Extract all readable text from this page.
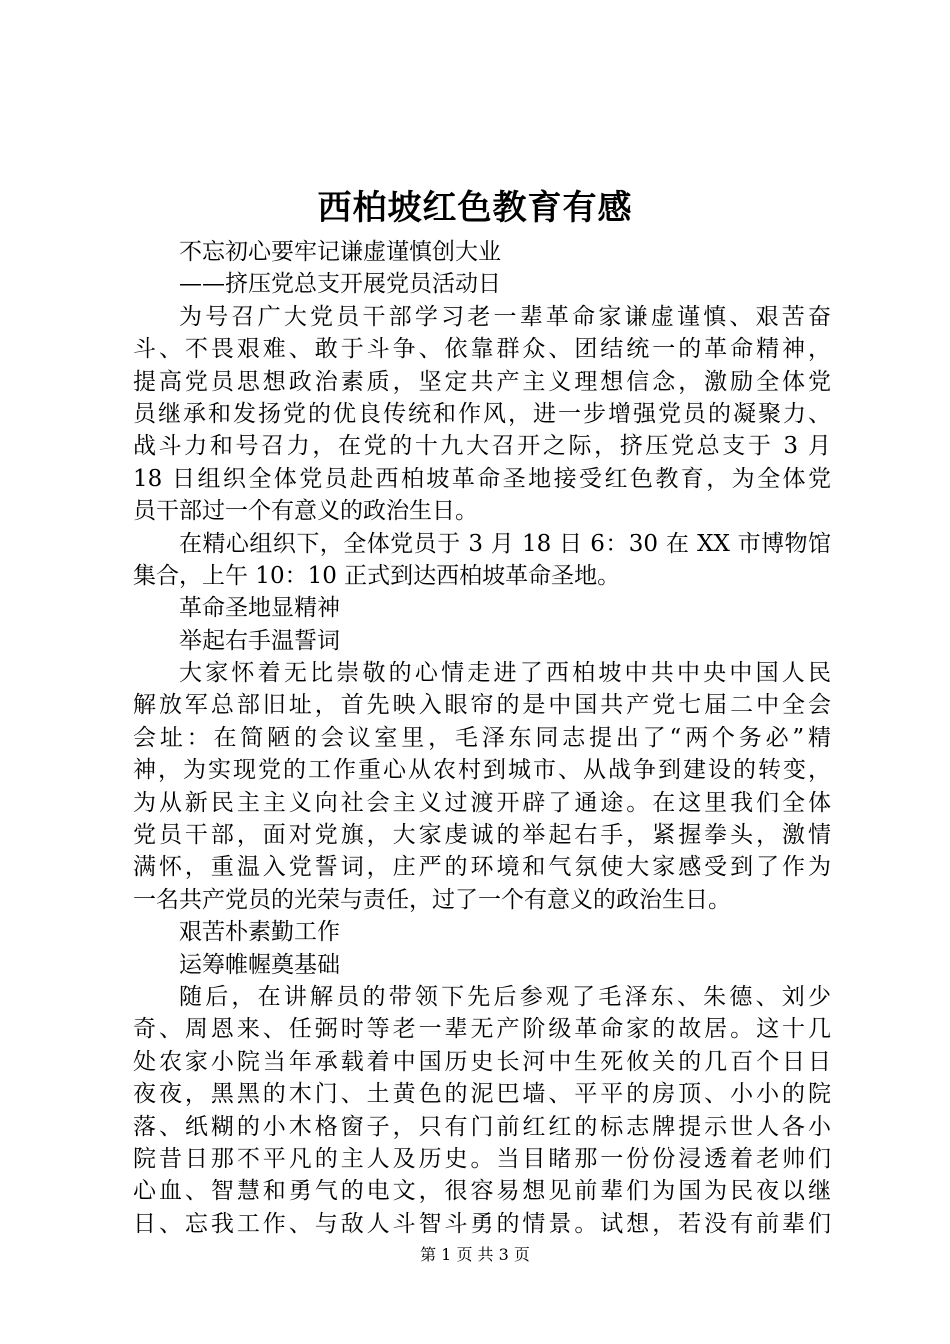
西柏坡红色教育有感
不忘初心要牢记谦虚谨慎创大业
——挤压党总支开展党员活动日
为号召广大党员干部学习老一辈革命家谦虚谨慎、艰苦奋
斗、不畏艰难、敢于斗争、依靠群众、团结统一的革命精神，
提高党员思想政治素质，坚定共产主义理想信念，激励全体党
员继承和发扬党的优良传统和作风，进一步增强党员的凝聚力、
战斗力和号召力，在党的十九大召开之际，挤压党总支于 3 月
18 日组织全体党员赴西柏坡革命圣地接受红色教育，为全体党
员干部过一个有意义的政治生日。
在精心组织下，全体党员于 3 月 18 日 6：30 在 XX 市博物馆
集合，上午 10：10 正式到达西柏坡革命圣地。
革命圣地显精神
举起右手温誓词
大家怀着无比崇敬的心情走进了西柏坡中共中央中国人民
解放军总部旧址，首先映入眼帘的是中国共产党七届二中全会
会址：在简陋的会议室里，毛泽东同志提出了“两个务必”精
神，为实现党的工作重心从农村到城市、从战争到建设的转变，
为从新民主主义向社会主义过渡开辟了通途。在这里我们全体
党员干部，面对党旗，大家虔诚的举起右手，紧握拳头，激情
满怀，重温入党誓词，庄严的环境和气氛使大家感受到了作为
一名共产党员的光荣与责任，过了一个有意义的政治生日。
艰苦朴素勤工作
运筹帷幄奠基础
随后，在讲解员的带领下先后参观了毛泽东、朱德、刘少
奇、周恩来、任弼时等老一辈无产阶级革命家的故居。这十几
处农家小院当年承载着中国历史长河中生死攸关的几百个日日
夜夜，黑黑的木门、土黄色的泥巴墙、平平的房顶、小小的院
落、纸糊的小木格窗子，只有门前红红的标志牌提示世人各小
院昔日那不平凡的主人及历史。当目睹那一份份浸透着老帅们
心血、智慧和勇气的电文，很容易想见前辈们为国为民夜以继
日、忘我工作、与敌人斗智斗勇的情景。试想，若没有前辈们
第 1 页 共 3 页
